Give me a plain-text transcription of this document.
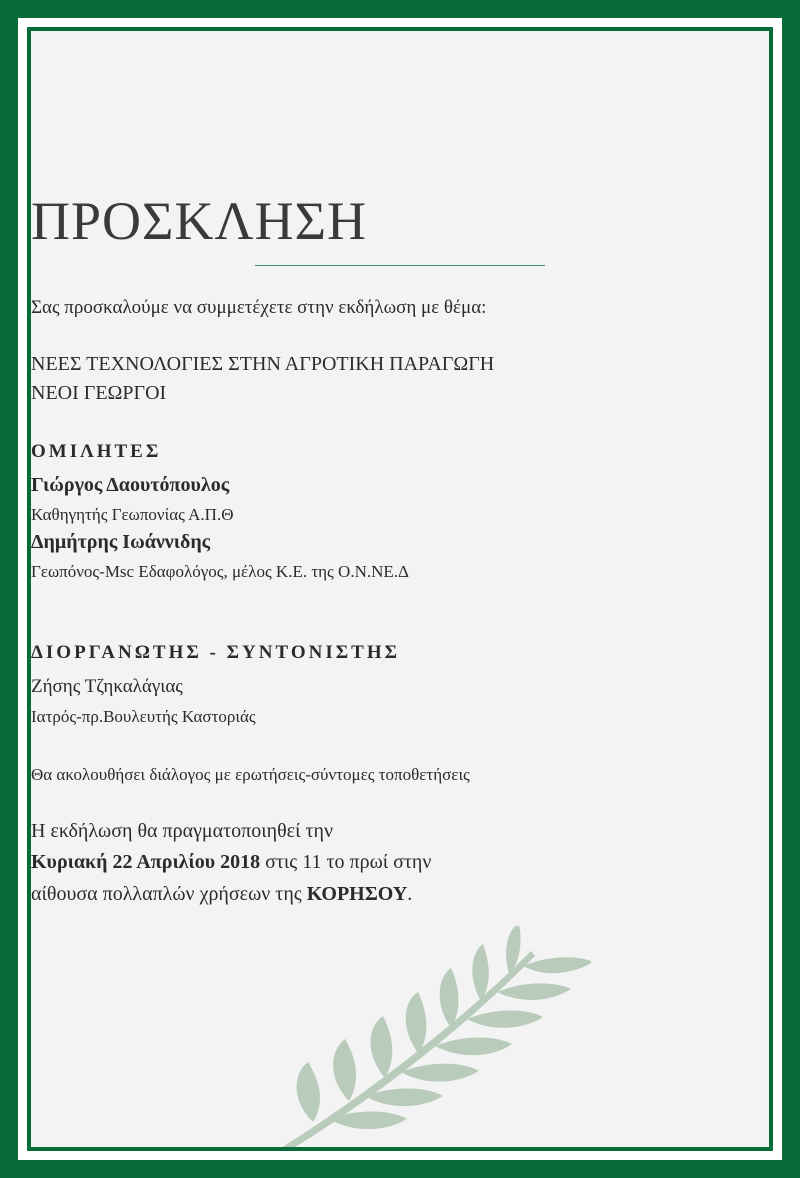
ΠΡΟΣΚΛΗΣΗ
Σας προσκαλούμε να συμμετέχετε στην εκδήλωση με θέμα:
ΝΕΕΣ ΤΕΧΝΟΛΟΓΙΕΣ ΣΤΗΝ ΑΓΡΟΤΙΚΗ ΠΑΡΑΓΩΓΗ
ΝΕΟΙ ΓΕΩΡΓΟΙ
ΟΜΙΛΗΤΕΣ
Γιώργος Δαουτόπουλος
Καθηγητής Γεωπονίας Α.Π.Θ
Δημήτρης Ιωάννιδης
Γεωπόνος-Msc Εδαφολόγος, μέλος Κ.Ε. της Ο.Ν.ΝΕ.Δ
ΔΙΟΡΓΑΝΩΤΗΣ - ΣΥΝΤΟΝΙΣΤΗΣ
Ζήσης Τζηκαλάγιας
Ιατρός-πρ.Βουλευτής Καστοριάς
Θα ακολουθήσει διάλογος με ερωτήσεις-σύντομες τοποθετήσεις
Η εκδήλωση θα πραγματοποιηθεί την
Κυριακή 22 Απριλίου 2018 στις 11 το πρωί στην
αίθουσα πολλαπλών χρήσεων της ΚΟΡΗΣΟΥ.
